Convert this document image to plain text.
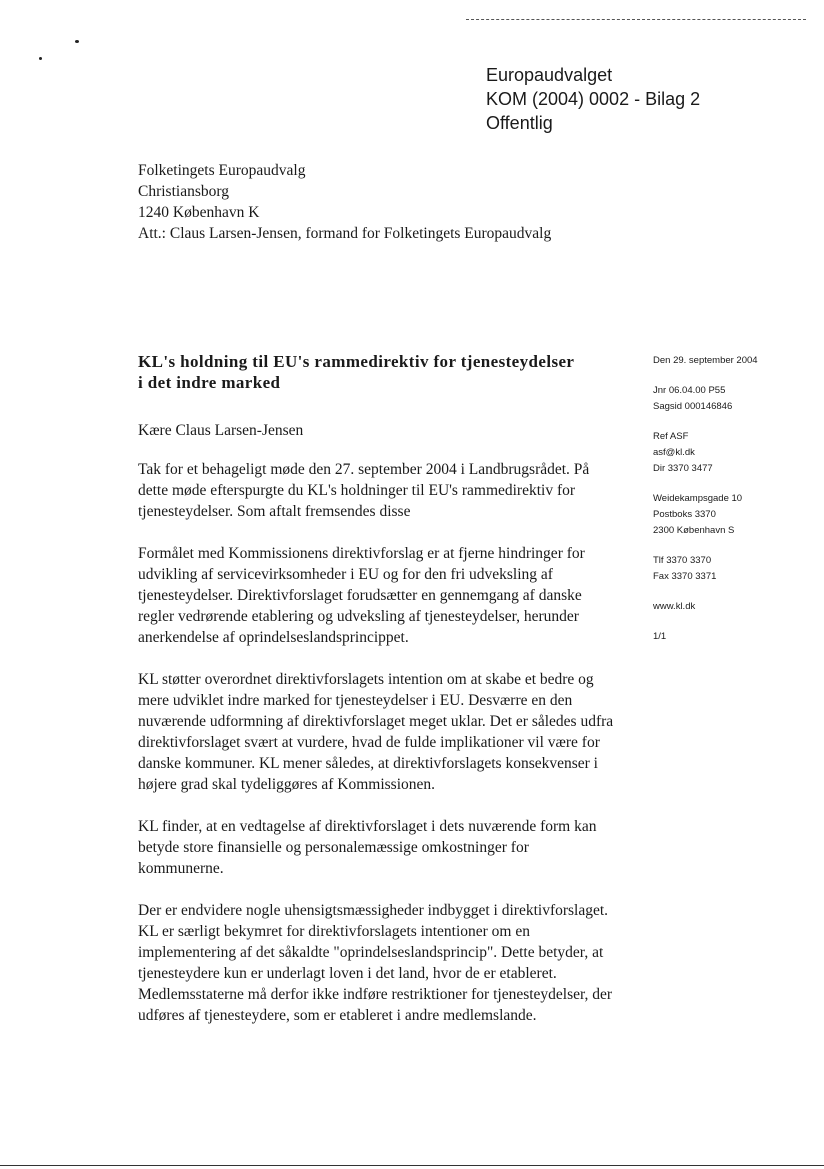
Europaudvalget
KOM (2004) 0002 - Bilag 2
Offentlig
Folketingets Europaudvalg
Christiansborg
1240 København K
Att.: Claus Larsen-Jensen, formand for Folketingets Europaudvalg
KL's holdning til EU's rammedirektiv for tjenesteydelser
i det indre marked

Kære Claus Larsen-Jensen

Tak for et behageligt møde den 27. september 2004 i Landbrugsrådet. På dette møde efterspurgte du KL's holdninger til EU's rammedirektiv for tjenesteydelser. Som aftalt fremsendes disse

Formålet med Kommissionens direktivforslag er at fjerne hindringer for udvikling af servicevirksomheder i EU og for den fri udveksling af tjenesteydelser. Direktivforslaget forudsætter en gennemgang af danske regler vedrørende etablering og udveksling af tjenesteydelser, herunder anerkendelse af oprindelseslandsprincippet.

KL støtter overordnet direktivforslagets intention om at skabe et bedre og mere udviklet indre marked for tjenesteydelser i EU. Desværre en den nuværende udformning af direktivforslaget meget uklar. Det er således udfra direktivforslaget svært at vurdere, hvad de fulde implikationer vil være for danske kommuner. KL mener således, at direktivforslagets konsekvenser i højere grad skal tydeliggøres af Kommissionen.

KL finder, at en vedtagelse af direktivforslaget i dets nuværende form kan betyde store finansielle og personalemæssige omkostninger for kommunerne.

Der er endvidere nogle uhensigtsmæssigheder indbygget i direktivforslaget. KL er særligt bekymret for direktivforslagets intentioner om en implementering af det såkaldte "oprindelseslandsprincip". Dette betyder, at tjenesteydere kun er underlagt loven i det land, hvor de er etableret. Medlemsstaterne må derfor ikke indføre restriktioner for tjenesteydelser, der udføres af tjenesteydere, som er etableret i andre medlemslande.

Den 29. september 2004
Jnr 06.04.00 P55
Sagsid 000146846
Ref ASF
asf@kl.dk
Dir 3370 3477
Weidekampsgade 10
Postboks 3370
2300 København S
Tlf 3370 3370
Fax 3370 3371
www.kl.dk
1/1
